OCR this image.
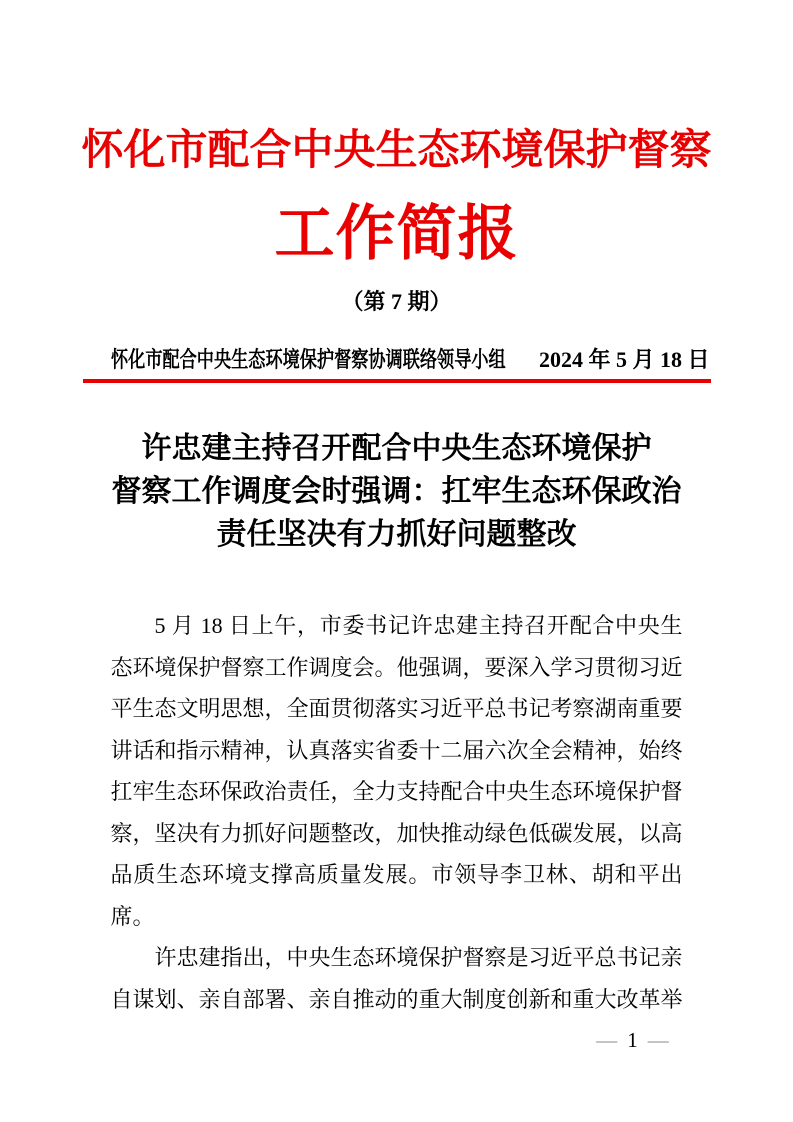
怀化市配合中央生态环境保护督察
工作简报
（第 7 期）
怀化市配合中央生态环境保护督察协调联络领导小组 2024 年 5 月 18 日
许忠建主持召开配合中央生态环境保护
督察工作调度会时强调：扛牢生态环保政治
责任坚决有力抓好问题整改

5 月 18 日上午，市委书记许忠建主持召开配合中央生态环境保护督察工作调度会。他强调，要深入学习贯彻习近平生态文明思想，全面贯彻落实习近平总书记考察湖南重要讲话和指示精神，认真落实省委十二届六次全会精神，始终扛牢生态环保政治责任，全力支持配合中央生态环境保护督察，坚决有力抓好问题整改，加快推动绿色低碳发展，以高品质生态环境支撑高质量发展。市领导李卫林、胡和平出席。

许忠建指出，中央生态环境保护督察是习近平总书记亲自谋划、亲自部署、亲自推动的重大制度创新和重大改革举

— 1 —
